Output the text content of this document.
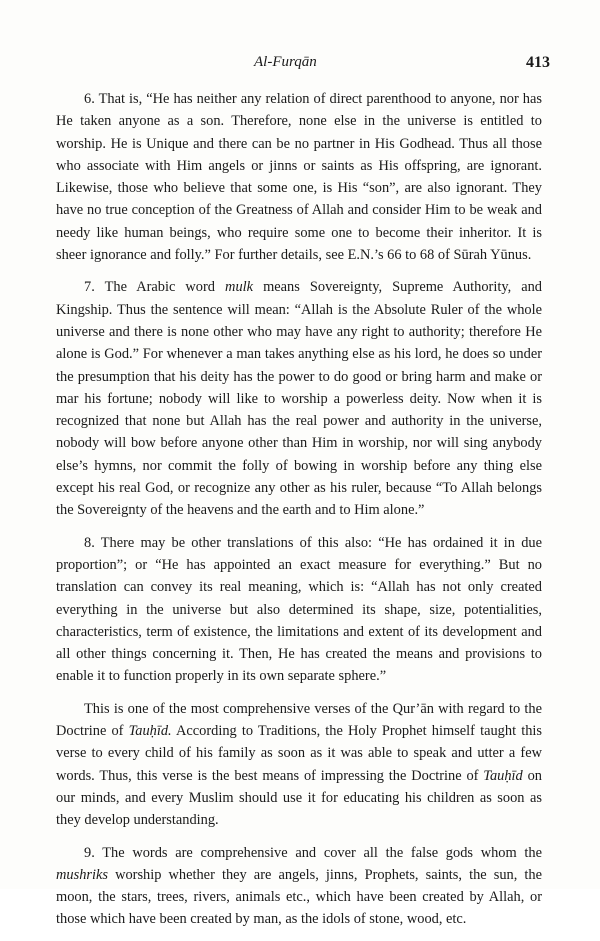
Al-Furqān	413

6. That is, “He has neither any relation of direct parenthood to anyone, nor has He taken anyone as a son. Therefore, none else in the universe is entitled to worship. He is Unique and there can be no partner in His Godhead. Thus all those who associate with Him angels or jinns or saints as His offspring, are ignorant. Likewise, those who believe that some one, is His “son”, are also ignorant. They have no true conception of the Greatness of Allah and consider Him to be weak and needy like human beings, who require some one to become their inheritor. It is sheer ignorance and folly.” For further details, see E.N.’s 66 to 68 of Sūrah Yūnus.

7. The Arabic word mulk means Sovereignty, Supreme Authority, and Kingship. Thus the sentence will mean: “Allah is the Absolute Ruler of the whole universe and there is none other who may have any right to authority; therefore He alone is God.” For whenever a man takes anything else as his lord, he does so under the presumption that his deity has the power to do good or bring harm and make or mar his fortune; nobody will like to worship a powerless deity. Now when it is recognized that none but Allah has the real power and authority in the universe, nobody will bow before anyone other than Him in worship, nor will sing anybody else’s hymns, nor commit the folly of bowing in worship before any thing else except his real God, or recognize any other as his ruler, because “To Allah belongs the Sovereignty of the heavens and the earth and to Him alone.”

8. There may be other translations of this also: “He has ordained it in due proportion”; or “He has appointed an exact measure for everything.” But no translation can convey its real meaning, which is: “Allah has not only created everything in the universe but also determined its shape, size, potentialities, characteristics, term of existence, the limitations and extent of its development and all other things concerning it. Then, He has created the means and provisions to enable it to function properly in its own separate sphere.”

This is one of the most comprehensive verses of the Qur’ān with regard to the Doctrine of Tauḥīd. According to Traditions, the Holy Prophet himself taught this verse to every child of his family as soon as it was able to speak and utter a few words. Thus, this verse is the best means of impressing the Doctrine of Tauḥīd on our minds, and every Muslim should use it for educating his children as soon as they develop understanding.

9. The words are comprehensive and cover all the false gods whom the mushriks worship whether they are angels, jinns, Prophets, saints, the sun, the moon, the stars, trees, rivers, animals etc., which have been created by Allah, or those which have been created by man, as the idols of stone, wood, etc.
